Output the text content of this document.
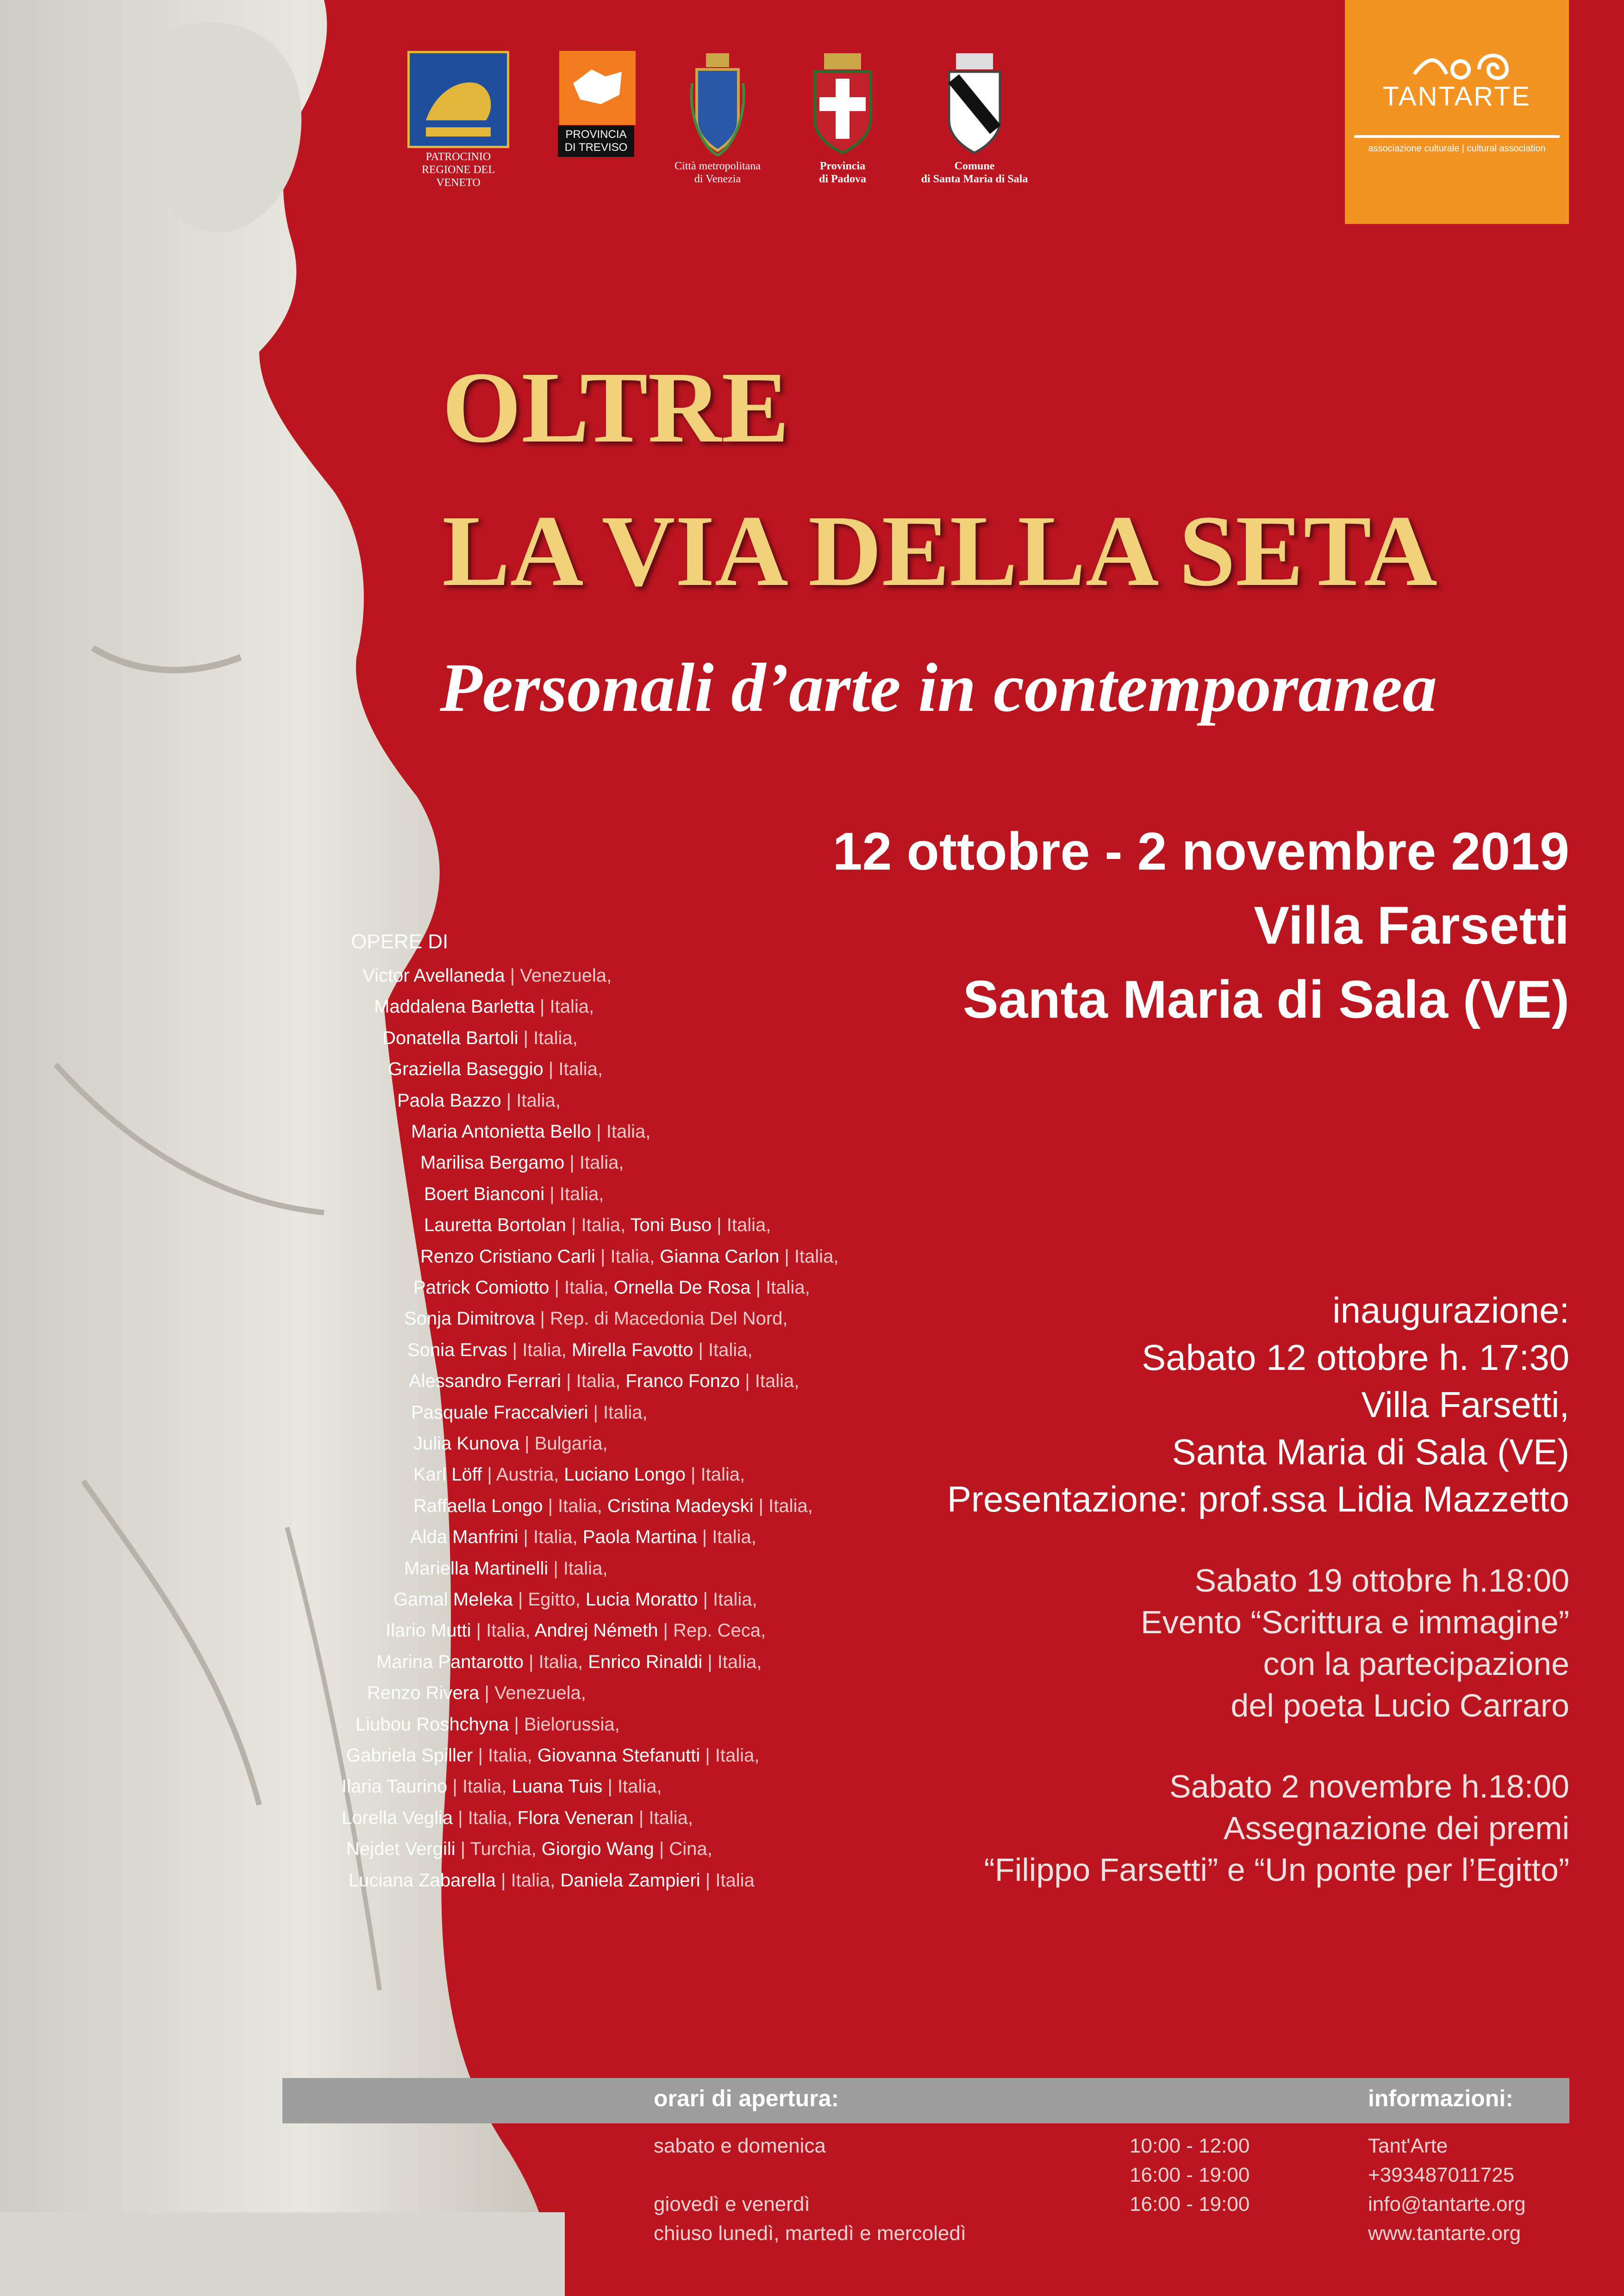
PATROCINIO
REGIONE DEL VENETO
PROVINCIA
DI TREVISO
Città metropolitana
di Venezia
Provincia
di Padova
Comune
di Santa Maria di Sala
TANTARTE
associazione culturale | cultural association
OLTRE
LA VIA DELLA SETA
Personali d’arte in contemporanea
12 ottobre - 2 novembre 2019
Villa Farsetti
Santa Maria di Sala (VE)
OPERE DI
Victor Avellaneda | Venezuela,
Maddalena Barletta | Italia,
Donatella Bartoli | Italia,
Graziella Baseggio | Italia,
Paola Bazzo | Italia,
Maria Antonietta Bello | Italia,
Marilisa Bergamo | Italia,
Boert Bianconi | Italia,
Lauretta Bortolan | Italia, Toni Buso | Italia,
Renzo Cristiano Carli | Italia, Gianna Carlon | Italia,
Patrick Comiotto | Italia, Ornella De Rosa | Italia,
Sonja Dimitrova | Rep. di Macedonia Del Nord,
Sonia Ervas | Italia, Mirella Favotto | Italia,
Alessandro Ferrari | Italia, Franco Fonzo | Italia,
Pasquale Fraccalvieri | Italia,
Julia Kunova | Bulgaria,
Karl Löff | Austria, Luciano Longo | Italia,
Raffaella Longo | Italia, Cristina Madeyski | Italia,
Alda Manfrini | Italia, Paola Martina | Italia,
Mariella Martinelli | Italia,
Gamal Meleka | Egitto, Lucia Moratto | Italia,
Ilario Mutti | Italia, Andrej Németh | Rep. Ceca,
Marina Pantarotto | Italia, Enrico Rinaldi | Italia,
Renzo Rivera | Venezuela,
Liubou Roshchyna | Bielorussia,
Gabriela Spiller | Italia, Giovanna Stefanutti | Italia,
Ilaria Taurino | Italia, Luana Tuis | Italia,
Lorella Veglia | Italia, Flora Veneran | Italia,
Nejdet Vergili | Turchia, Giorgio Wang | Cina,
Luciana Zabarella | Italia, Daniela Zampieri | Italia
inaugurazione:
Sabato 12 ottobre h. 17:30
Villa Farsetti,
Santa Maria di Sala (VE)
Presentazione: prof.ssa Lidia Mazzetto
Sabato 19 ottobre h.18:00
Evento “Scrittura e immagine”
con la partecipazione
del poeta Lucio Carraro
Sabato 2 novembre h.18:00
Assegnazione dei premi
“Filippo Farsetti” e “Un ponte per l’Egitto”
orari di apertura:	informazioni:
sabato e domenica
giovedì e venerdì
chiuso lunedì, martedì e mercoledì
10:00 - 12:00
16:00 - 19:00
16:00 - 19:00
Tant'Arte
+393487011725
info@tantarte.org
www.tantarte.org
